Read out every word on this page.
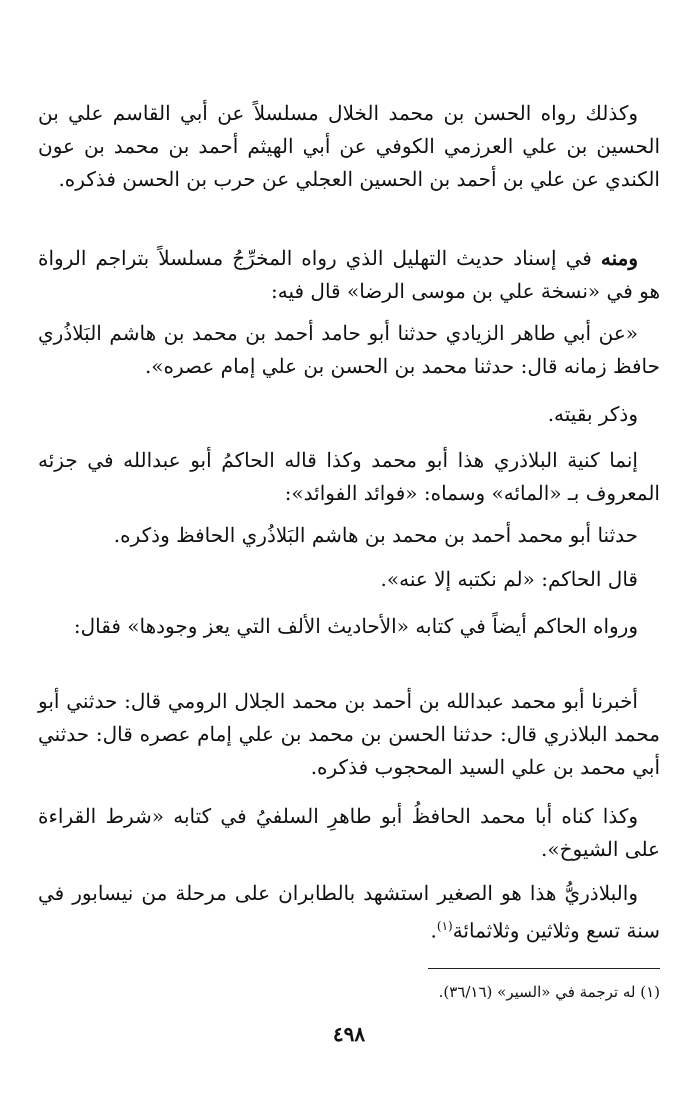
وكذلك رواه الحسن بن محمد الخلال مسلسلاً عن أبي القاسم علي بن الحسين بن علي العرزمي الكوفي عن أبي الهيثم أحمد بن محمد بن عون الكندي عن علي بن أحمد بن الحسين العجلي عن حرب بن الحسن فذكره.

ومنه في إسناد حديث التهليل الذي رواه المخرِّجُ مسلسلاً بتراجم الرواة هو في «نسخة علي بن موسى الرضا» قال فيه:

«عن أبي طاهر الزيادي حدثنا أبو حامد أحمد بن محمد بن هاشم البَلاذُري حافظ زمانه قال: حدثنا محمد بن الحسن بن علي إمام عصره».

وذكر بقيته.

إنما كنية البلاذري هذا أبو محمد وكذا قاله الحاكمُ أبو عبدالله في جزئه المعروف بـ «المائه» وسماه: «فوائد الفوائد»:

حدثنا أبو محمد أحمد بن محمد بن هاشم البَلاذُري الحافظ وذكره.

قال الحاكم: «لم نكتبه إلا عنه».

ورواه الحاكم أيضاً في كتابه «الأحاديث الألف التي يعز وجودها» فقال:

أخبرنا أبو محمد عبدالله بن أحمد بن محمد الجلال الرومي قال: حدثني أبو محمد البلاذري قال: حدثنا الحسن بن محمد بن علي إمام عصره قال: حدثني أبي محمد بن علي السيد المحجوب فذكره.

وكذا كناه أبا محمد الحافظُ أبو طاهرِ السلفيُ في كتابه «شرط القراءة على الشيوخ».

والبلاذريُّ هذا هو الصغير استشهد بالطابران على مرحلة من نيسابور في سنة تسع وثلاثين وثلاثمائة$^{(١)}$.

(١) له ترجمة في «السير» (٣٦/١٦).

٤٩٨
